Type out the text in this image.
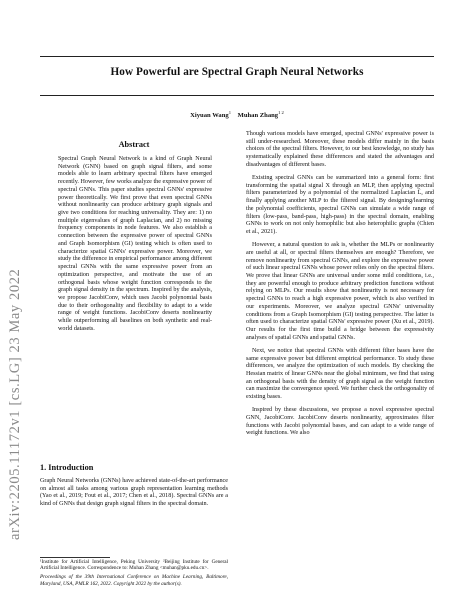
arXiv:2205.11172v1 [cs.LG] 23 May 2022
How Powerful are Spectral Graph Neural Networks
Xiyuan Wang$^1$ Muhan Zhang$^{1 2}$
Abstract
Spectral Graph Neural Network is a kind of Graph Neural Network (GNN) based on graph signal filters, and some models able to learn arbitrary spectral filters have emerged recently. However, few works analyze the expressive power of spectral GNNs. This paper studies spectral GNNs' expressive power theoretically. We first prove that even spectral GNNs without nonlinearity can produce arbitrary graph signals and give two conditions for reaching universality. They are: 1) no multiple eigenvalues of graph Laplacian, and 2) no missing frequency components in node features. We also establish a connection between the expressive power of spectral GNNs and Graph Isomorphism (GI) testing which is often used to characterize spatial GNNs' expressive power. Moreover, we study the difference in empirical performance among different spectral GNNs with the same expressive power from an optimization perspective, and motivate the use of an orthogonal basis whose weight function corresponds to the graph signal density in the spectrum. Inspired by the analysis, we propose JacobiConv, which uses Jacobi polynomial basis due to their orthogonality and flexibility to adapt to a wide range of weight functions. JacobiConv deserts nonlinearity while outperforming all baselines on both synthetic and real-world datasets.
1. Introduction

Graph Neural Networks (GNNs) have achieved state-of-the-art performance on almost all tasks among various graph representation learning methods (Yao et al., 2019; Fout et al., 2017; Chen et al., 2018). Spectral GNNs are a kind of GNNs that design graph signal filters in the spectral domain.

¹Institute for Artificial Intelligence, Peking University ²Beijing Institute for General Artificial Intelligence. Correspondence to: Muhan Zhang <muhan@pku.edu.cn>.

Proceedings of the 39th International Conference on Machine Learning, Baltimore, Maryland, USA, PMLR 162, 2022. Copyright 2022 by the author(s).

Though various models have emerged, spectral GNNs' expressive power is still under-researched. Moreover, these models differ mainly in the basis choices of the spectral filters. However, to our best knowledge, no study has systematically explained these differences and stated the advantages and disadvantages of different bases.

Existing spectral GNNs can be summarized into a general form: first transforming the spatial signal X through an MLP, then applying spectral filters parameterized by a polynomial of the normalized Laplacian L̂, and finally applying another MLP to the filtered signal. By designing/learning the polynomial coefficients, spectral GNNs can simulate a wide range of filters (low-pass, band-pass, high-pass) in the spectral domain, enabling GNNs to work on not only homophilic but also heterophilic graphs (Chien et al., 2021).

However, a natural question to ask is, whether the MLPs or nonlinearity are useful at all, or spectral filters themselves are enough? Therefore, we remove nonlinearity from spectral GNNs, and explore the expressive power of such linear spectral GNNs whose power relies only on the spectral filters. We prove that linear GNNs are universal under some mild conditions, i.e., they are powerful enough to produce arbitrary prediction functions without relying on MLPs. Our results show that nonlinearity is not necessary for spectral GNNs to reach a high expressive power, which is also verified in our experiments. Moreover, we analyze spectral GNNs' universality conditions from a Graph Isomorphism (GI) testing perspective. The latter is often used to characterize spatial GNNs' expressive power (Xu et al., 2019). Our results for the first time build a bridge between the expressivity analyses of spatial GNNs and spatial GNNs.

Next, we notice that spectral GNNs with different filter bases have the same expressive power but different empirical performance. To study these differences, we analyze the optimization of such models. By checking the Hessian matrix of linear GNNs near the global minimum, we find that using an orthogonal basis with the density of graph signal as the weight function can maximize the convergence speed. We further check the orthogonality of existing bases.

Inspired by these discussions, we propose a novel expressive spectral GNN, JacobiConv. JacobiConv deserts nonlinearity, approximates filter functions with Jacobi polynomial bases, and can adapt to a wide range of weight functions. We also
